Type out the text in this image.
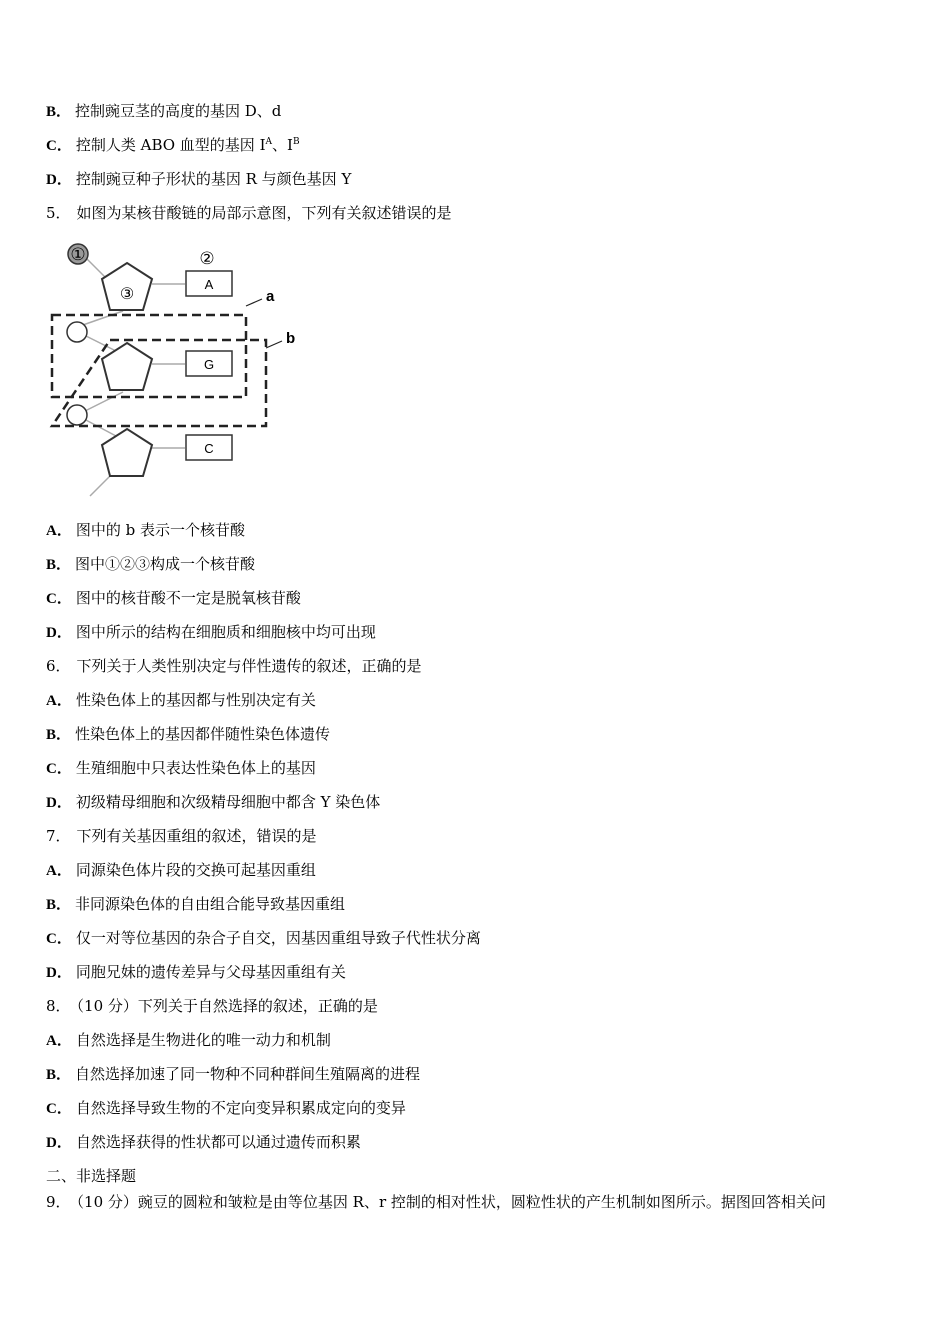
B． 控制豌豆茎的高度的基因 D、d
C． 控制人类 ABO 血型的基因 $I^A$、$I^B$
D． 控制豌豆种子形状的基因 R 与颜色基因 Y
5． 如图为某核苷酸链的局部示意图，下列有关叙述错误的是
①	②
③
A
G
C
a
b
A． 图中的 b 表示一个核苷酸
B． 图中①②③构成一个核苷酸
C． 图中的核苷酸不一定是脱氧核苷酸
D． 图中所示的结构在细胞质和细胞核中均可出现
6． 下列关于人类性别决定与伴性遗传的叙述，正确的是
A． 性染色体上的基因都与性别决定有关
B． 性染色体上的基因都伴随性染色体遗传
C． 生殖细胞中只表达性染色体上的基因
D． 初级精母细胞和次级精母细胞中都含 Y 染色体
7． 下列有关基因重组的叙述，错误的是
A． 同源染色体片段的交换可起基因重组
B． 非同源染色体的自由组合能导致基因重组
C． 仅一对等位基因的杂合子自交，因基因重组导致子代性状分离
D． 同胞兄妹的遗传差异与父母基因重组有关
8． （10 分）下列关于自然选择的叙述，正确的是
A． 自然选择是生物进化的唯一动力和机制
B． 自然选择加速了同一物种不同种群间生殖隔离的进程
C． 自然选择导致生物的不定向变异积累成定向的变异
D． 自然选择获得的性状都可以通过遗传而积累
二、非选择题
9． （10 分）豌豆的圆粒和皱粒是由等位基因 R、r 控制的相对性状，圆粒性状的产生机制如图所示。据图回答相关问
